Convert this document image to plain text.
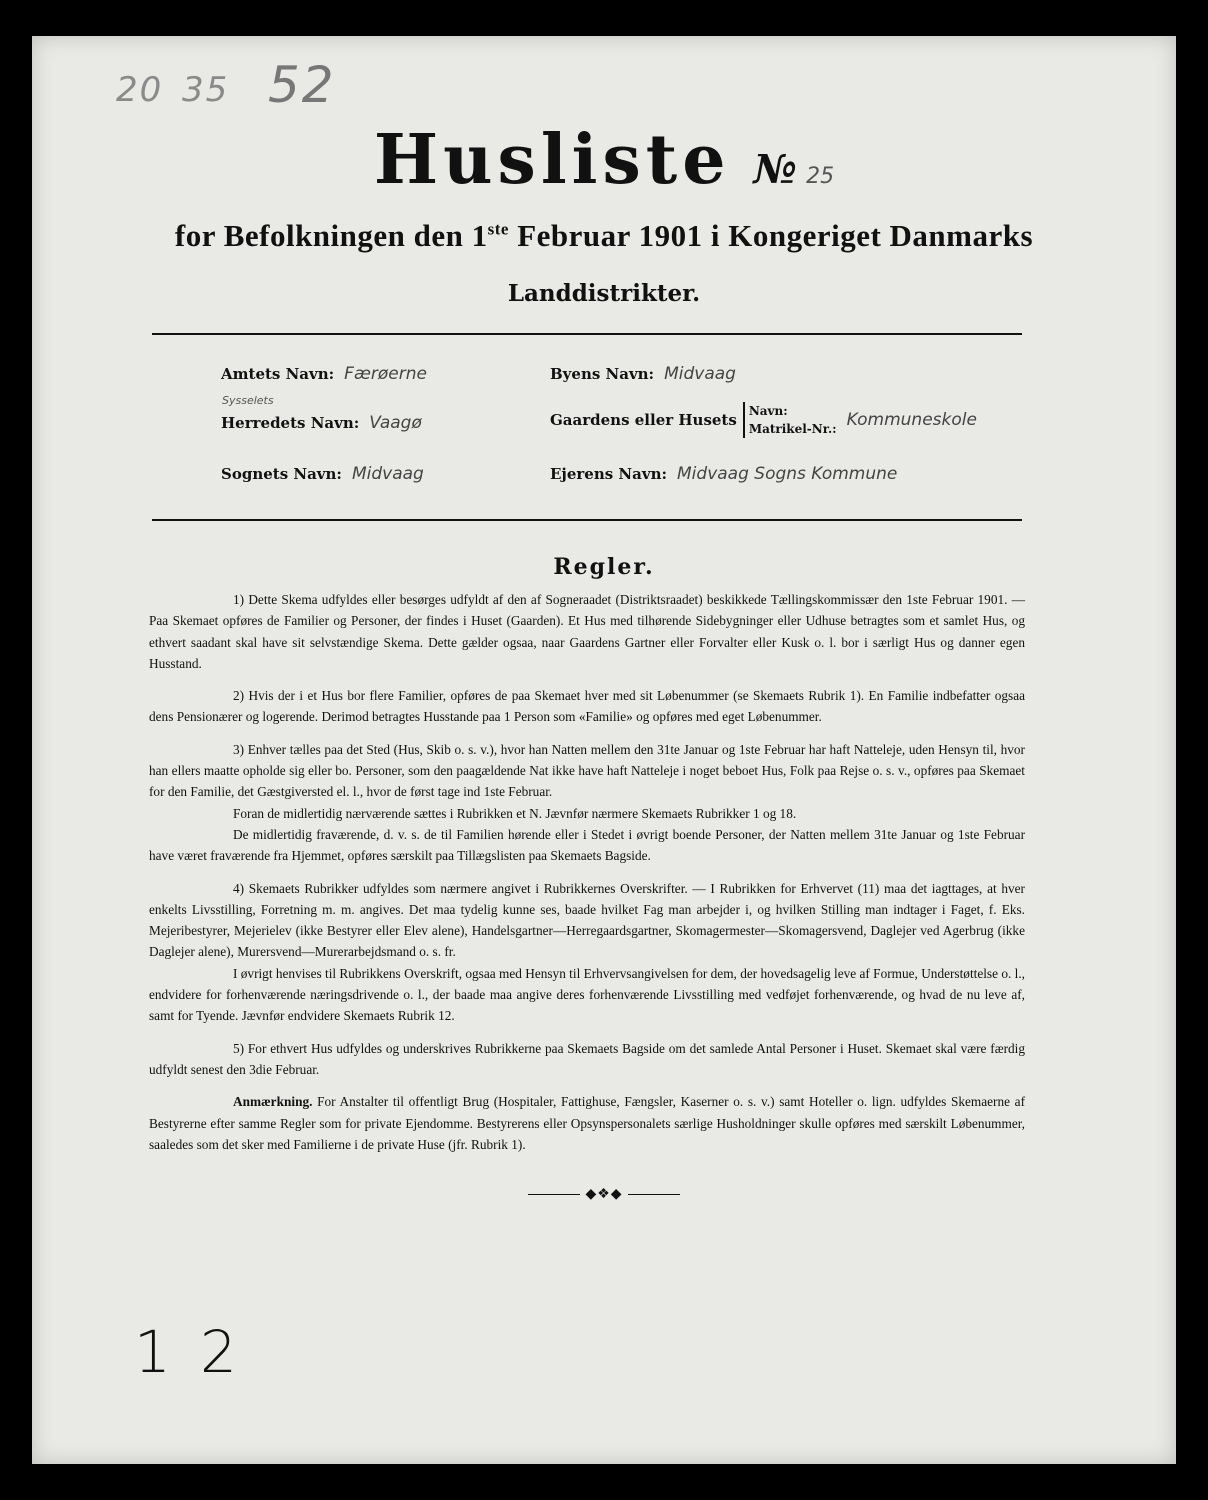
20 35 52
Husliste № 25
for Befolkningen den 1ste Februar 1901 i Kongeriget Danmarks
Landdistrikter.
Amtets Navn: Færøerne
Sysselets
Herredets Navn: Vaagø
Sognets Navn: Midvaag
Byens Navn: Midvaag
Gaardens eller Husets Navn:
Matrikel-Nr.: Kommuneskole
Ejerens Navn: Midvaag Sogns Kommune
Regler.

1) Dette Skema udfyldes eller besørges udfyldt af den af Sogneraadet (Distriktsraadet) beskikkede Tællingskommissær den 1ste Februar 1901. — Paa Skemaet opføres de Familier og Personer, der findes i Huset (Gaarden). Et Hus med tilhørende Sidebygninger eller Udhuse betragtes som et samlet Hus, og ethvert saadant skal have sit selvstændige Skema. Dette gælder ogsaa, naar Gaardens Gartner eller Forvalter eller Kusk o. l. bor i særligt Hus og danner egen Husstand.

2) Hvis der i et Hus bor flere Familier, opføres de paa Skemaet hver med sit Løbenummer (se Skemaets Rubrik 1). En Familie indbefatter ogsaa dens Pensionærer og logerende. Derimod betragtes Husstande paa 1 Person som «Familie» og opføres med eget Løbenummer.

3) Enhver tælles paa det Sted (Hus, Skib o. s. v.), hvor han Natten mellem den 31te Januar og 1ste Februar har haft Natteleje, uden Hensyn til, hvor han ellers maatte opholde sig eller bo. Personer, som den paagældende Nat ikke have haft Natteleje i noget beboet Hus, Folk paa Rejse o. s. v., opføres paa Skemaet for den Familie, det Gæstgiversted el. l., hvor de først tage ind 1ste Februar.

Foran de midlertidig nærværende sættes i Rubrikken et N. Jævnfør nærmere Skemaets Rubrikker 1 og 18.

De midlertidig fraværende, d. v. s. de til Familien hørende eller i Stedet i øvrigt boende Personer, der Natten mellem 31te Januar og 1ste Februar have været fraværende fra Hjemmet, opføres særskilt paa Tillægslisten paa Skemaets Bagside.

4) Skemaets Rubrikker udfyldes som nærmere angivet i Rubrikkernes Overskrifter. — I Rubrikken for Erhvervet (11) maa det iagttages, at hver enkelts Livsstilling, Forretning m. m. angives. Det maa tydelig kunne ses, baade hvilket Fag man arbejder i, og hvilken Stilling man indtager i Faget, f. Eks. Mejeribestyrer, Mejerielev (ikke Bestyrer eller Elev alene), Handelsgartner—Herregaardsgartner, Skomagermester—Skomagersvend, Daglejer ved Agerbrug (ikke Daglejer alene), Murersvend—Murerarbejdsmand o. s. fr.

I øvrigt henvises til Rubrikkens Overskrift, ogsaa med Hensyn til Erhvervsangivelsen for dem, der hovedsagelig leve af Formue, Understøttelse o. l., endvidere for forhenværende næringsdrivende o. l., der baade maa angive deres forhenværende Livsstilling med vedføjet forhenværende, og hvad de nu leve af, samt for Tyende. Jævnfør endvidere Skemaets Rubrik 12.

5) For ethvert Hus udfyldes og underskrives Rubrikkerne paa Skemaets Bagside om det samlede Antal Personer i Huset. Skemaet skal være færdig udfyldt senest den 3die Februar.

Anmærkning. For Anstalter til offentligt Brug (Hospitaler, Fattighuse, Fængsler, Kaserner o. s. v.) samt Hoteller o. lign. udfyldes Skemaerne af Bestyrerne efter samme Regler som for private Ejendomme. Bestyrerens eller Opsynspersonalets særlige Husholdninger skulle opføres med særskilt Løbenummer, saaledes som det sker med Familierne i de private Huse (jfr. Rubrik 1).

◆❖◆
1 2
